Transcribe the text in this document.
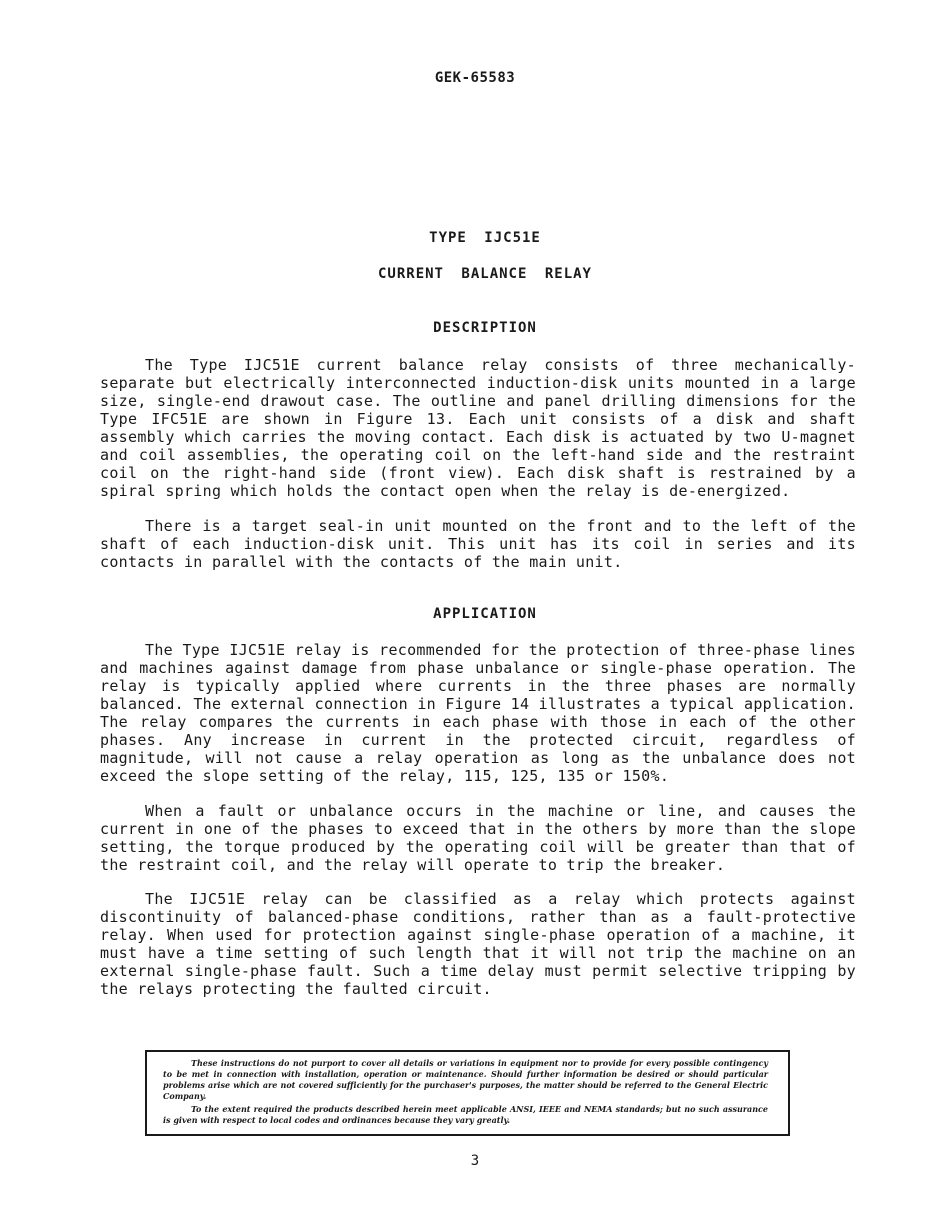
GEK-65583
TYPE IJC51E
CURRENT BALANCE RELAY
DESCRIPTION
The Type IJC51E current balance relay consists of three mechanically-separate but electrically interconnected induction-disk units mounted in a large size, single-end drawout case. The outline and panel drilling dimensions for the Type IFC51E are shown in Figure 13. Each unit consists of a disk and shaft assembly which carries the moving contact. Each disk is actuated by two U-magnet and coil assemblies, the operating coil on the left-hand side and the restraint coil on the right-hand side (front view). Each disk shaft is restrained by a spiral spring which holds the contact open when the relay is de-energized.
There is a target seal-in unit mounted on the front and to the left of the shaft of each induction-disk unit. This unit has its coil in series and its contacts in parallel with the contacts of the main unit.
APPLICATION
The Type IJC51E relay is recommended for the protection of three-phase lines and machines against damage from phase unbalance or single-phase operation. The relay is typically applied where currents in the three phases are normally balanced. The external connection in Figure 14 illustrates a typical application. The relay compares the currents in each phase with those in each of the other phases. Any increase in current in the protected circuit, regardless of magnitude, will not cause a relay operation as long as the unbalance does not exceed the slope setting of the relay, 115, 125, 135 or 150%.
When a fault or unbalance occurs in the machine or line, and causes the current in one of the phases to exceed that in the others by more than the slope setting, the torque produced by the operating coil will be greater than that of the restraint coil, and the relay will operate to trip the breaker.
The IJC51E relay can be classified as a relay which protects against discontinuity of balanced-phase conditions, rather than as a fault-protective relay. When used for protection against single-phase operation of a machine, it must have a time setting of such length that it will not trip the machine on an external single-phase fault. Such a time delay must permit selective tripping by the relays protecting the faulted circuit.

These instructions do not purport to cover all details or variations in equipment nor to provide for every possible contingency to be met in connection with installation, operation or maintenance. Should further information be desired or should particular problems arise which are not covered sufficiently for the purchaser's purposes, the matter should be referred to the General Electric Company.

To the extent required the products described herein meet applicable ANSI, IEEE and NEMA standards; but no such assurance is given with respect to local codes and ordinances because they vary greatly.

3
